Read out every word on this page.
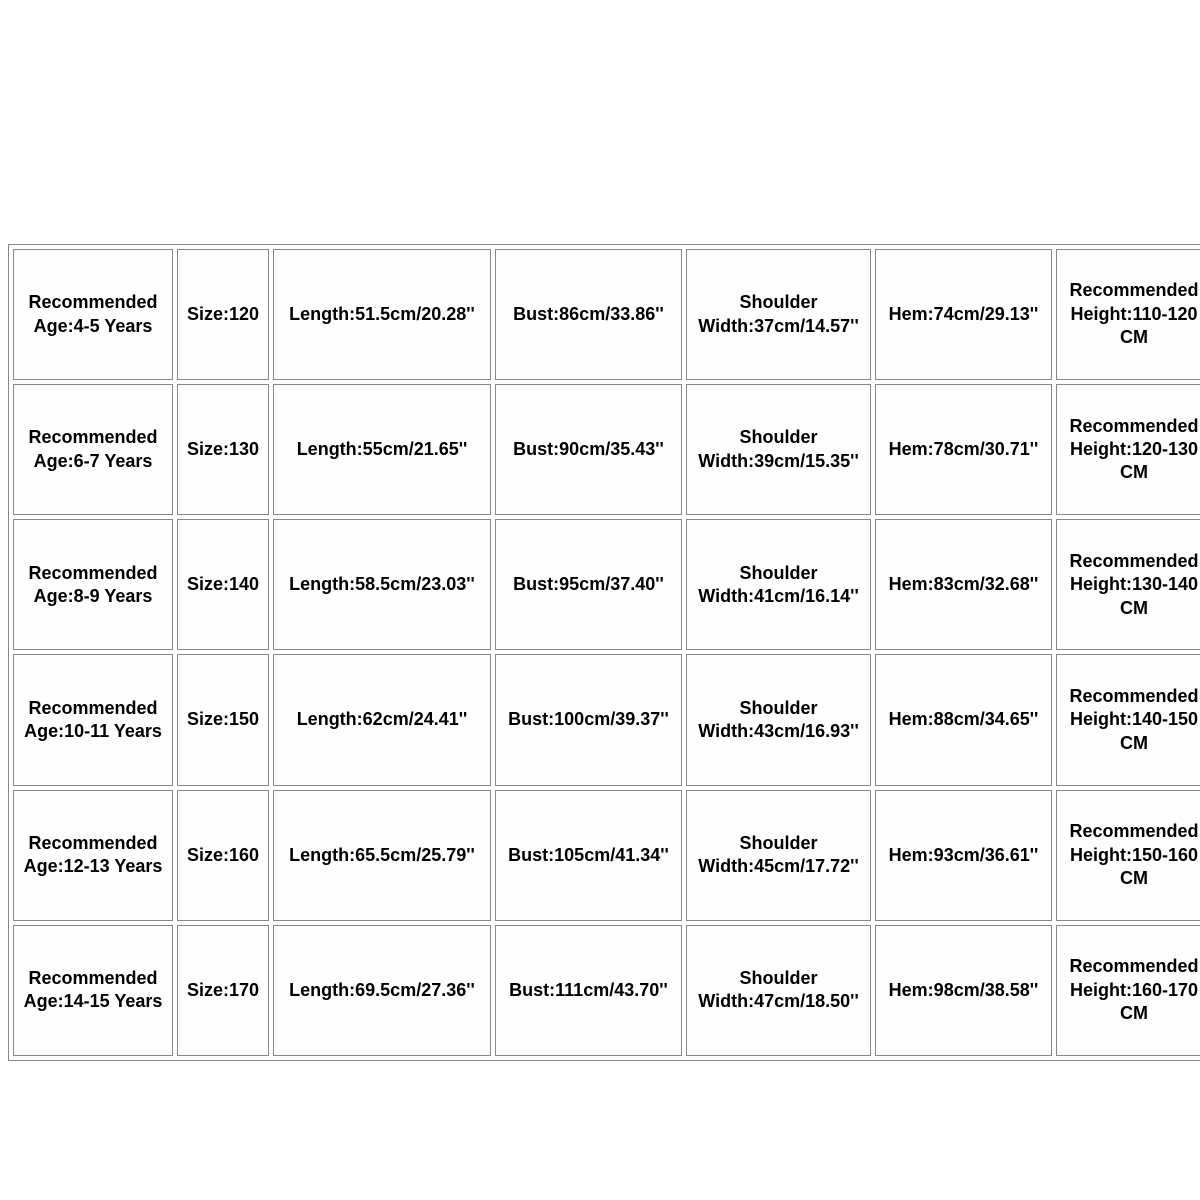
Recommended Age:4-5 Years	Size:120	Length:51.5cm/20.28''	Bust:86cm/33.86''	Shoulder Width:37cm/14.57''	Hem:74cm/29.13''	Recommended Height:110-120 CM
Recommended Age:6-7 Years	Size:130	Length:55cm/21.65''	Bust:90cm/35.43''	Shoulder Width:39cm/15.35''	Hem:78cm/30.71''	Recommended Height:120-130 CM
Recommended Age:8-9 Years	Size:140	Length:58.5cm/23.03''	Bust:95cm/37.40''	Shoulder Width:41cm/16.14''	Hem:83cm/32.68''	Recommended Height:130-140 CM
Recommended Age:10-11 Years	Size:150	Length:62cm/24.41''	Bust:100cm/39.37''	Shoulder Width:43cm/16.93''	Hem:88cm/34.65''	Recommended Height:140-150 CM
Recommended Age:12-13 Years	Size:160	Length:65.5cm/25.79''	Bust:105cm/41.34''	Shoulder Width:45cm/17.72''	Hem:93cm/36.61''	Recommended Height:150-160 CM
Recommended Age:14-15 Years	Size:170	Length:69.5cm/27.36''	Bust:111cm/43.70''	Shoulder Width:47cm/18.50''	Hem:98cm/38.58''	Recommended Height:160-170 CM
